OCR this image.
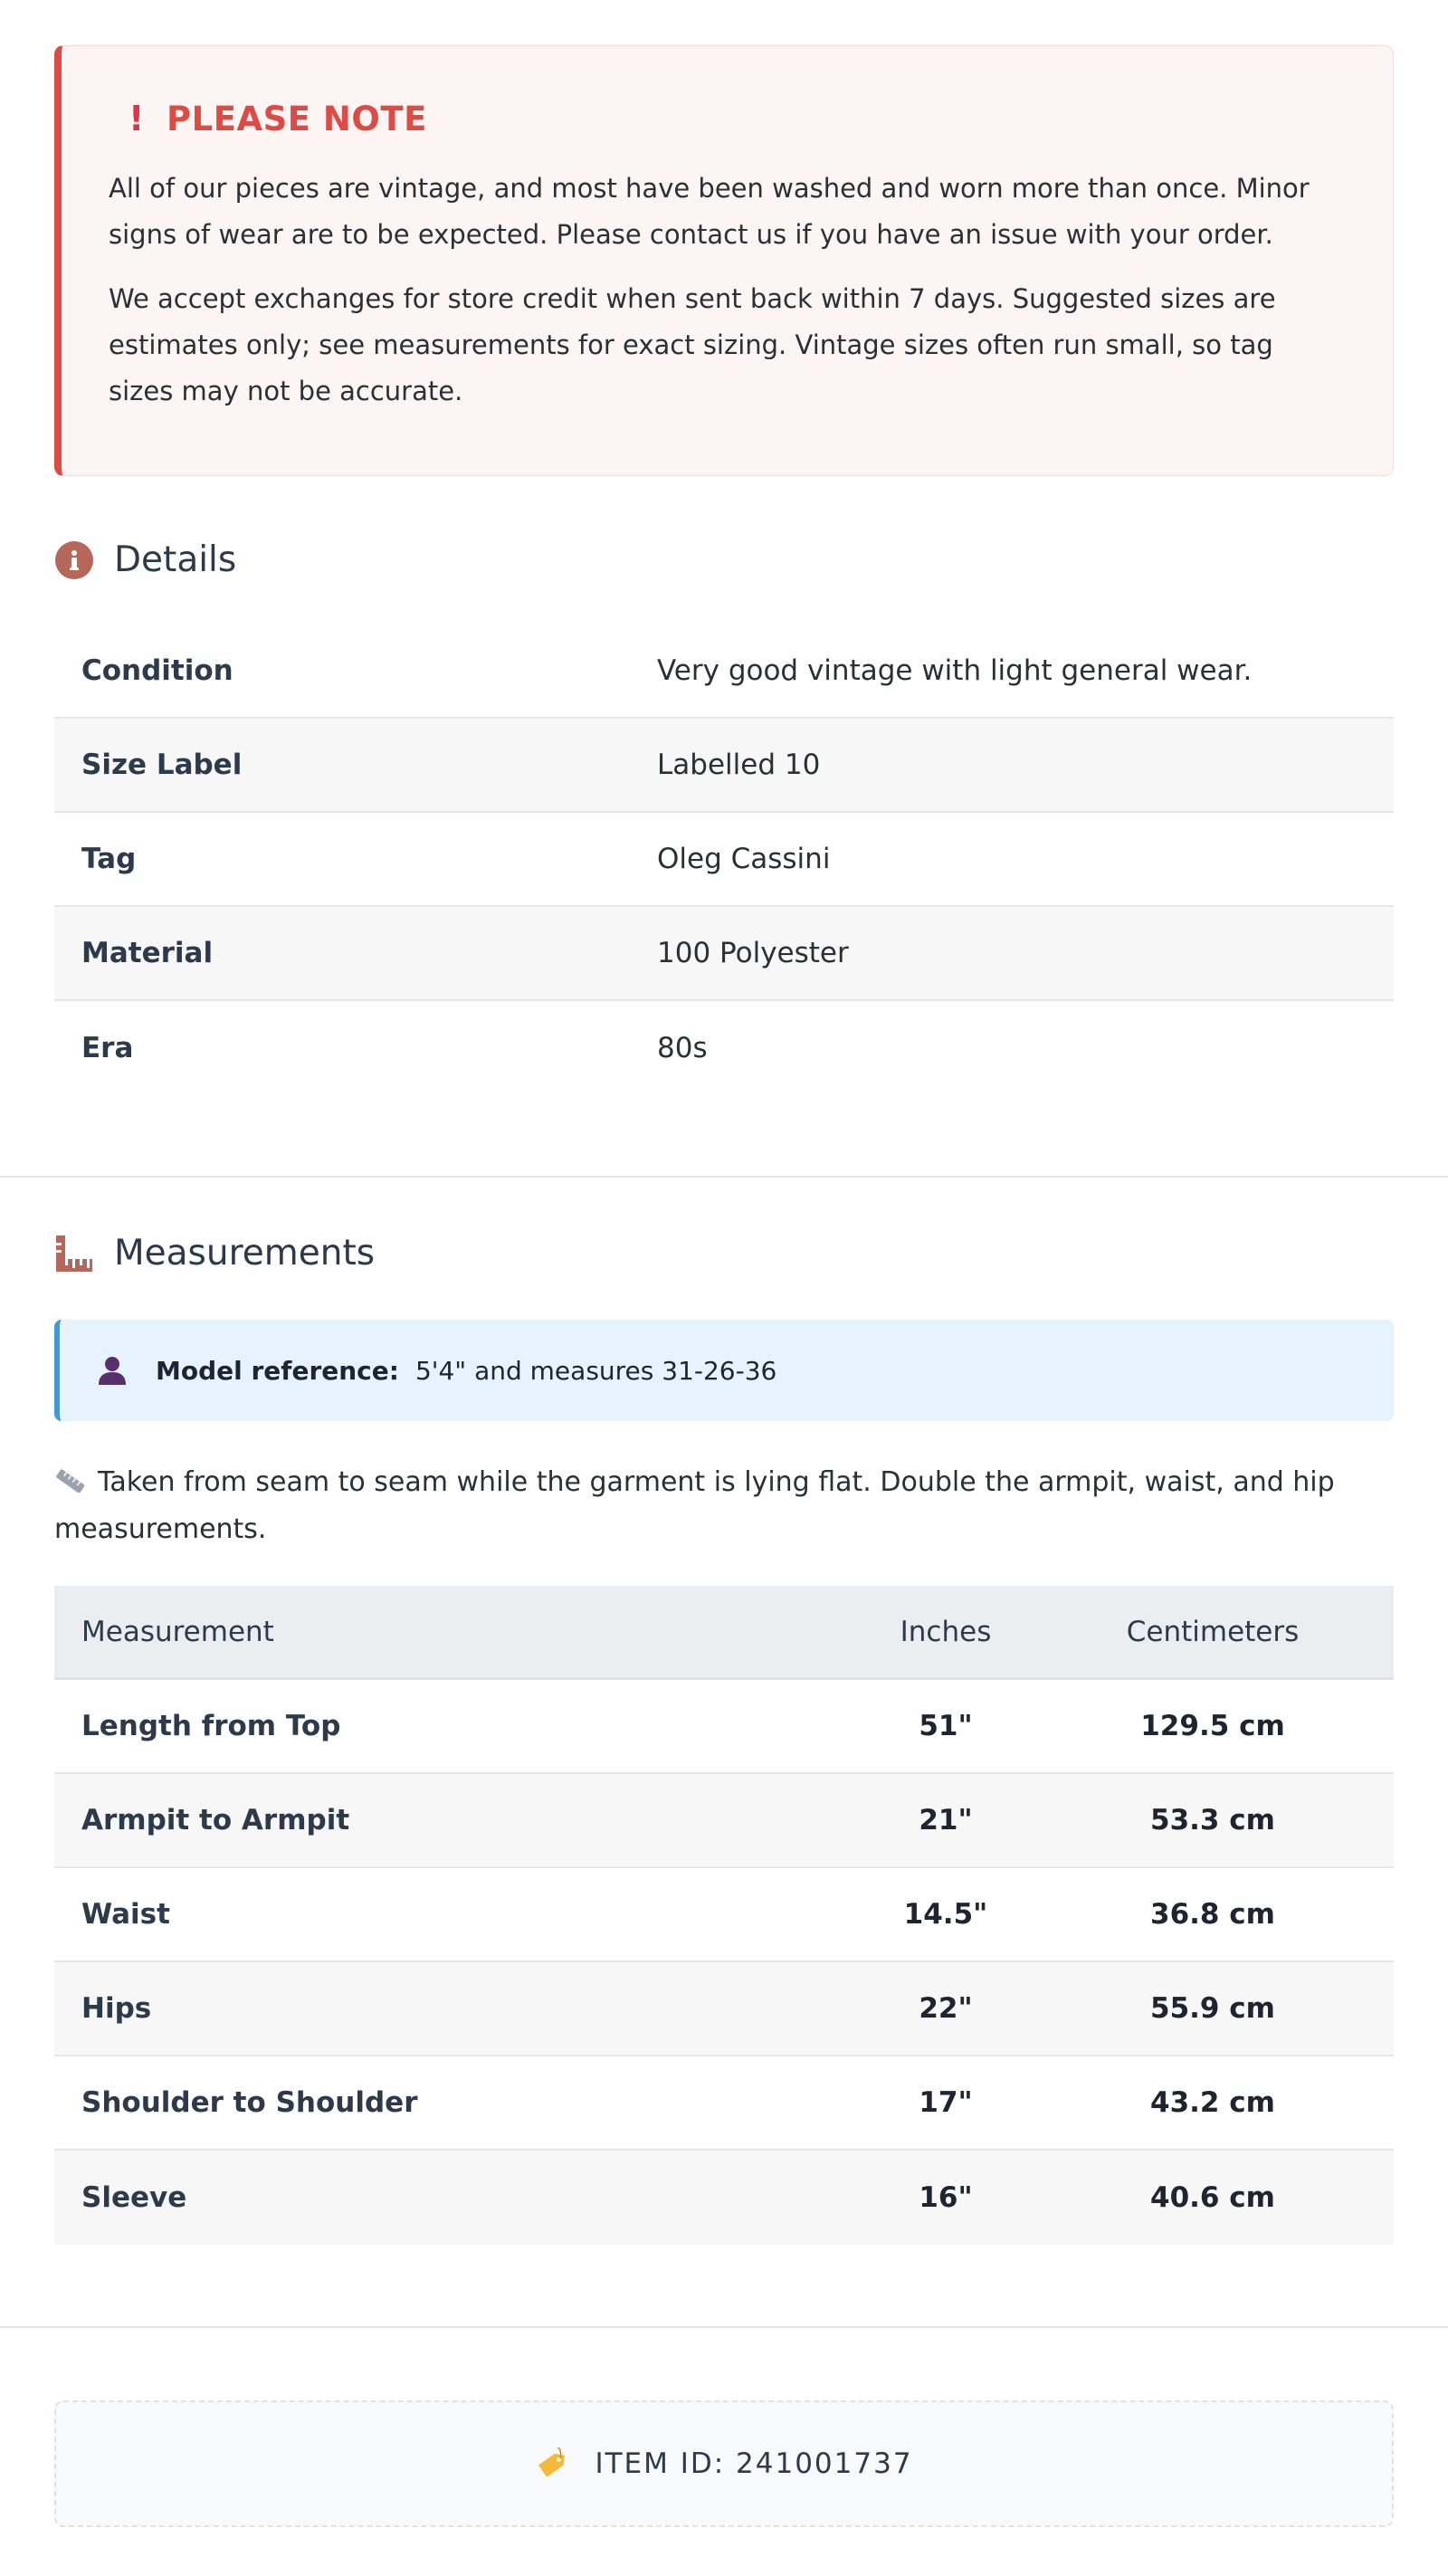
! PLEASE NOTE

All of our pieces are vintage, and most have been washed and worn more than once. Minor signs of wear are to be expected. Please contact us if you have an issue with your order.

We accept exchanges for store credit when sent back within 7 days. Suggested sizes are estimates only; see measurements for exact sizing. Vintage sizes often run small, so tag sizes may not be accurate.

Details
Condition	Very good vintage with light general wear.
Size Label	Labelled 10
Tag	Oleg Cassini
Material	100 Polyester
Era	80s
Measurements
Model reference: 5'4" and measures 31-26-36
Taken from seam to seam while the garment is lying flat. Double the armpit, waist, and hip measurements.
Measurement	Inches	Centimeters
Length from Top	51"	129.5 cm
Armpit to Armpit	21"	53.3 cm
Waist	14.5"	36.8 cm
Hips	22"	55.9 cm
Shoulder to Shoulder	17"	43.2 cm
Sleeve	16"	40.6 cm
ITEM ID: 241001737
